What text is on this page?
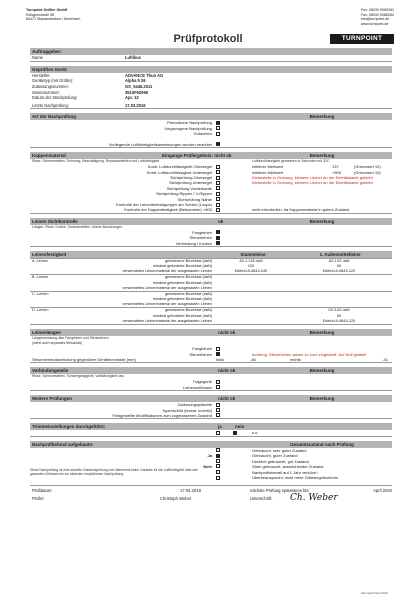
Turnpoint Seilfier GmbH
Edisgenstraße 58
84471 Steplandstdorn / Beierbach
Fon: 08030 9080261
Fax: 08030 9088284
info@turnpoint.de
www.turnpoint.de
Prüfprotokoll	TURNPOINT
Auftraggeber:
Name	Luftikus
Geprüftes Gerät:
Hersteller:	ADVANCE Thun AG
Gerätetyp (mit Größe):	Alpha 5 26
Zulassungsnummer:	GS_0446.2011
Seriennummer:	3510F62095
Datum der Stückprüfung:	Apr. 12
Letzte Nachprüfung:	17.03.2016
Art der Nachprüfung	Bemerkung
Periodische Nachprüfung
Vorgezogene Nachprüfung
Gutachten
Vorliegende Lufttüchtigkeitsanweisungen wurden beachtet
Kappenmaterial	Eingangs-Prüfergebnis: nicht ok	Bemerkung
Risse, Scheuerstellen, Dehnung, Beschädigung, Reparaturstellen und Lufttüchtigkeit	Luftdurchlässigkeit gemessen in Sekunden mit JDC
Kontr. Luftdurchlässigkeit Obersegel	mittlerer Meßwert	137	(Grenzwert 10)
Kontr. Luftdurchlässigkeit Untersegel	mittlerer Meßwert	>500	(Grenzwert 10)
Sichtprüfung Obersegel	Klebestelle in Ordnung, kleinere Löcher an der Eintrittskante geklebt
Sichtprüfung Untersegel	Klebestelle in Ordnung, kleinere Löcher an der Eintrittskante geklebt
Sichtprüfung Vorderkante
Sichtprüfung Rippen / V-Rippen
Sichtprüfung Nähte
Kontrolle der Leinenbefestigungen am Schirm (Loops)
Kontrolle der Kappenfestigkeit (Betsometer) >600	nicht erforderlich, da Kappenmaterial in gutem Zustand
Leinen Sichtkontrolle	ok	Bemerkung
Längen, Risse, Knicke, Scheuerstellen, ebene Abnutzungen
Fangleinen
Steuerleinen
Verbindung / Knoten
Leinenfestigkeit	Stammleine	1. Außenmittelleine
A -Leinen	gemessene Bruchlast (daN)	A1:1.135 daN	A2:1.52 daN
mindest geforderte Bruchlast (daN)	120	60
verwendetes Leinenmaterial der ausgebauten Leinen	Edelrid A-6843-240	Edelrid A-6843-120
B -Leinen	gemessene Bruchlast (daN)
mindest geforderte Bruchlast (daN)
verwendetes Leinenmaterial der ausgebauten Leinen
C -Leinen	gemessene Bruchlast (daN)
mindest geforderte Bruchlast (daN)
verwendetes Leinenmaterial der ausgebauten Leinen
D -Leinen	gemessene Bruchlast (daN)	D2:3.62 daN
mindest geforderte Bruchlast (daN)	60
verwendetes Leinenmaterial der ausgebauten Leinen	Edelrid A-6843-120
Leinenlängen	nicht ok	Bemerkung
Längenmessung aller Fangleinen und Steuerleinen
(siehe auch separates Messblatt)
Fangleinen
Steuerleinen	Achtung: Steuerleinen waren zu kurz eingestellt. Auf Null gestellt
Steuerleinenabweichung gegenüber Gerätekennblatt [mm]	links	-46	rechts	-41
Verbindungsteile	nicht ok	Bemerkung
Risse, Scheuerstellen, Schwergängigkeit, Vollständigkeit usw.
Tragegurte
Leinenschlösser
Weitere Prüfungen	nicht ok	Bemerkung
Zulassungsplakette
Typenschild (lesbar, korrekt)
Festgestellte Modifikationen zum zugelassenen Zustand
Trimmeinstellungen durchgeführt:	ja	nein
s.o.
Nachprüfbefund aufgebaute:	Gesamtzustand nach Prüfung
Gebraucht, sehr guter Zustand
Ja	Gebraucht, guter Zustand
Deutlich gebraucht, gut Zustand
Nein	Stark gebraucht, ausreichender Zustand
Diese Nachprüfung ist eine aktuelle Zustandsprüfung und übernimmt keine Garantie für die Lufttüchtigkeit über den gesamten Zeitraum bis zur nächsten empfohlenen Nachprüfung	Nachprüfintervall auf 1 Jahr verkürzt !
Überbeanspurcht, nicht mehr Gütesiegelkonform
Prüfdatum:	17.04.2018	nächste Prüfung spätestens bis:	April 2020
Prüfer:	Christoph Weber	Unterschrift:	Ch. Weber
Stempel/Unterschrift
